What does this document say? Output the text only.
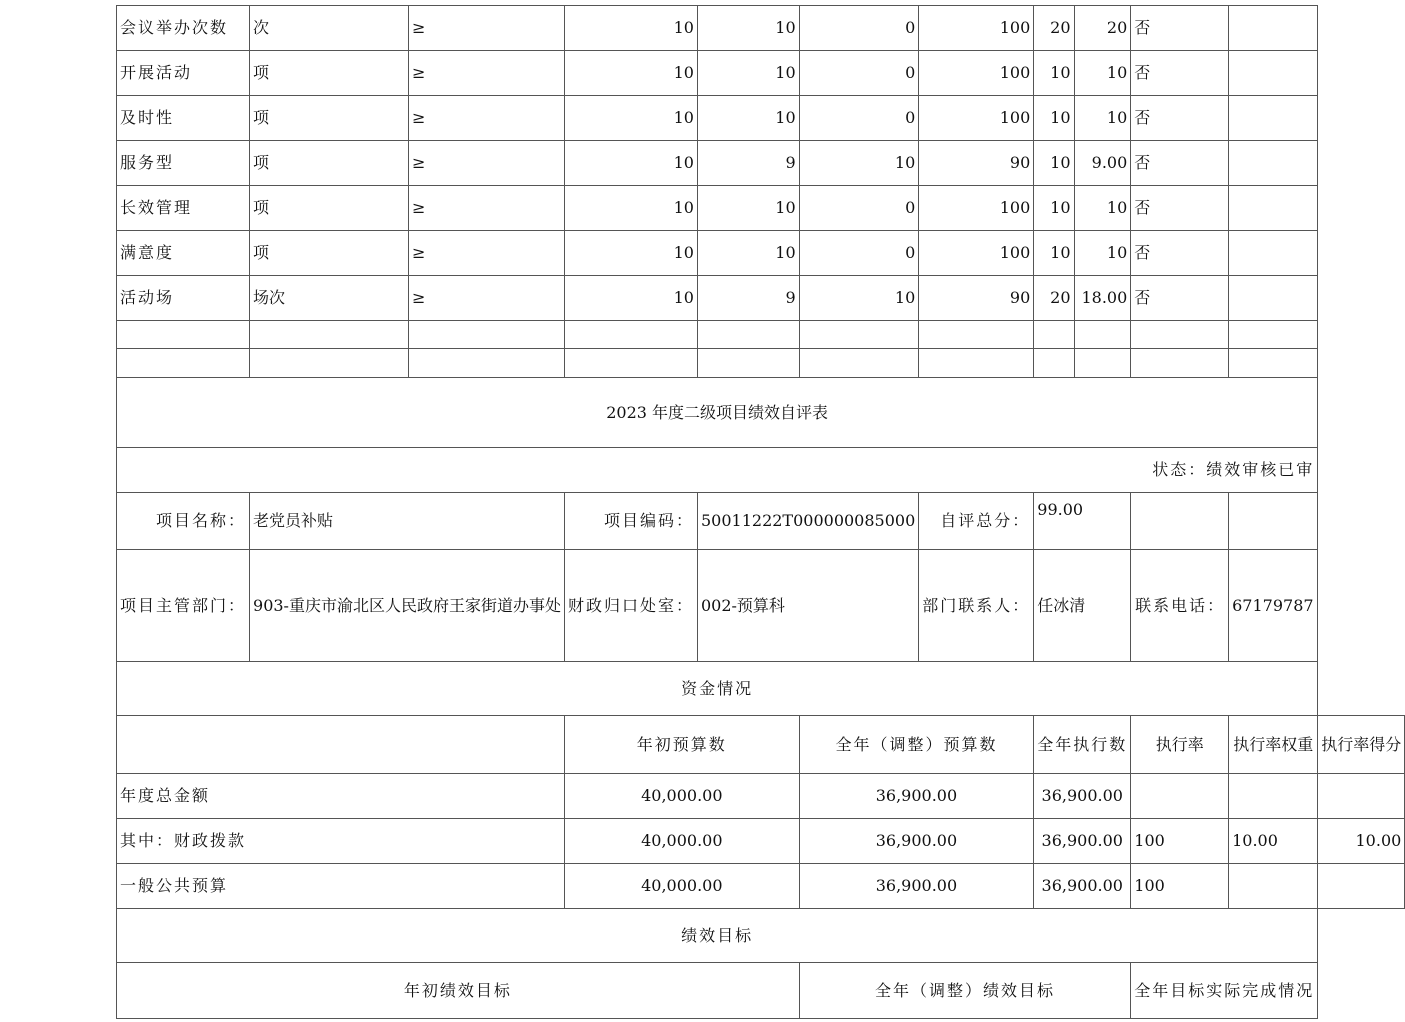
会议举办次数	次	≥	10	10	0	100	20	20	否		
开展活动	项	≥	10	10	0	100	10	10	否		
及时性	项	≥	10	10	0	100	10	10	否		
服务型	项	≥	10	9	10	90	10	9.00	否		
长效管理	项	≥	10	10	0	100	10	10	否		
满意度	项	≥	10	10	0	100	10	10	否		
活动场	场次	≥	10	9	10	90	20	18.00	否		

2023 年度二级项目绩效自评表											
状态：绩效审核已审											
项目名称：	老党员补贴		项目编码：	50011222T000000085000		自评总分：	99.00				
项目主管部门：	903-重庆市渝北区人民政府王家街道办事处		财政归口处室：	002-预算科		部门联系人：	任冰清		联系电话：	67179787	
资金情况											
			年初预算数		全年（调整）预算数		全年执行数		执行率	执行率权重	执行率得分
年度总金额			40,000.00		36,900.00		36,900.00				
其中：财政拨款			40,000.00		36,900.00		36,900.00		100	10.00	10.00
一般公共预算			40,000.00		36,900.00		36,900.00		100		
绩效目标											
年初绩效目标					全年（调整）绩效目标				全年目标实际完成情况		
